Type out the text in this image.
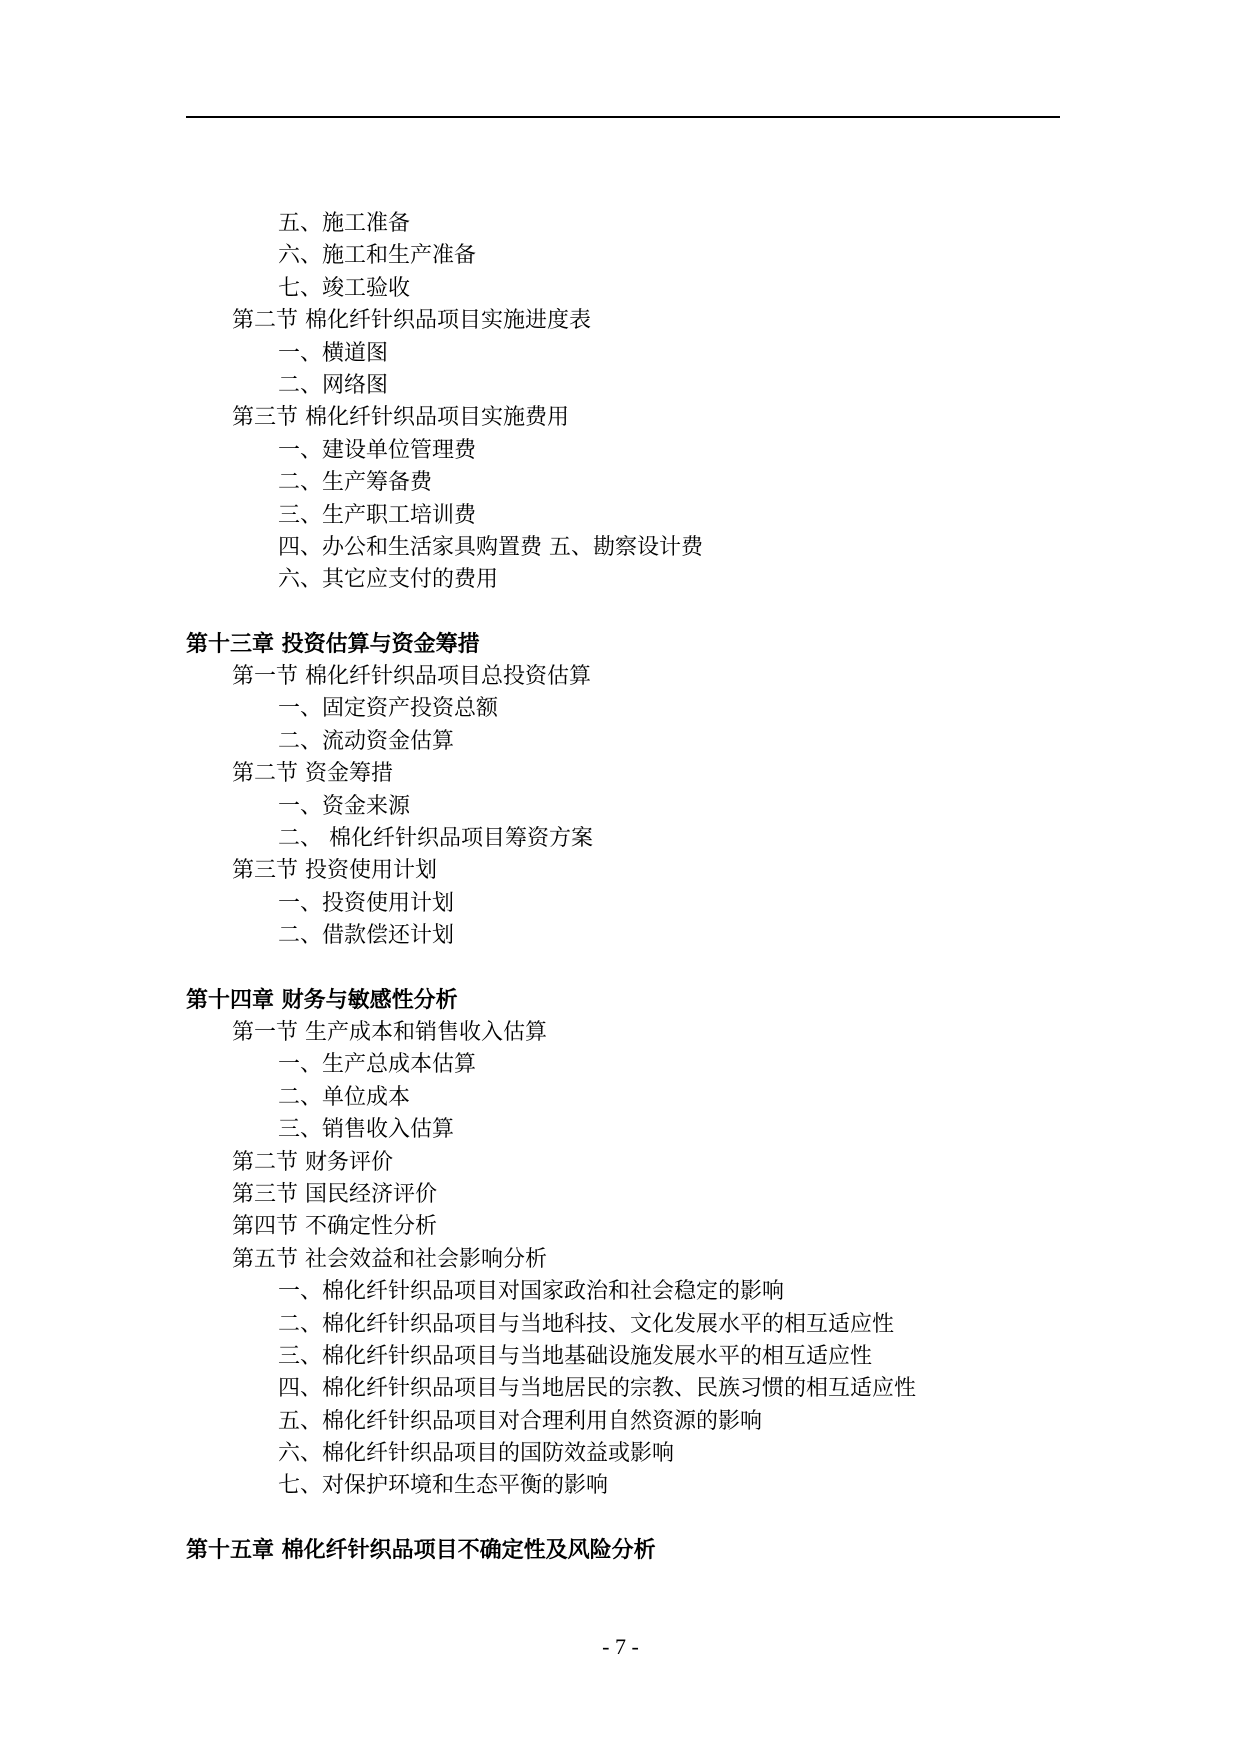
五、施工准备
六、施工和生产准备
七、竣工验收
第二节 棉化纤针织品项目实施进度表
一、横道图
二、网络图
第三节 棉化纤针织品项目实施费用
一、建设单位管理费
二、生产筹备费
三、生产职工培训费
四、办公和生活家具购置费 五、勘察设计费
六、其它应支付的费用
第十三章 投资估算与资金筹措
第一节 棉化纤针织品项目总投资估算
一、固定资产投资总额
二、流动资金估算
第二节 资金筹措
一、资金来源
二、 棉化纤针织品项目筹资方案
第三节 投资使用计划
一、投资使用计划
二、借款偿还计划
第十四章 财务与敏感性分析
第一节 生产成本和销售收入估算
一、生产总成本估算
二、单位成本
三、销售收入估算
第二节 财务评价
第三节 国民经济评价
第四节 不确定性分析
第五节 社会效益和社会影响分析
一、棉化纤针织品项目对国家政治和社会稳定的影响
二、棉化纤针织品项目与当地科技、文化发展水平的相互适应性
三、棉化纤针织品项目与当地基础设施发展水平的相互适应性
四、棉化纤针织品项目与当地居民的宗教、民族习惯的相互适应性
五、棉化纤针织品项目对合理利用自然资源的影响
六、棉化纤针织品项目的国防效益或影响
七、对保护环境和生态平衡的影响
第十五章 棉化纤针织品项目不确定性及风险分析
- 7 -
